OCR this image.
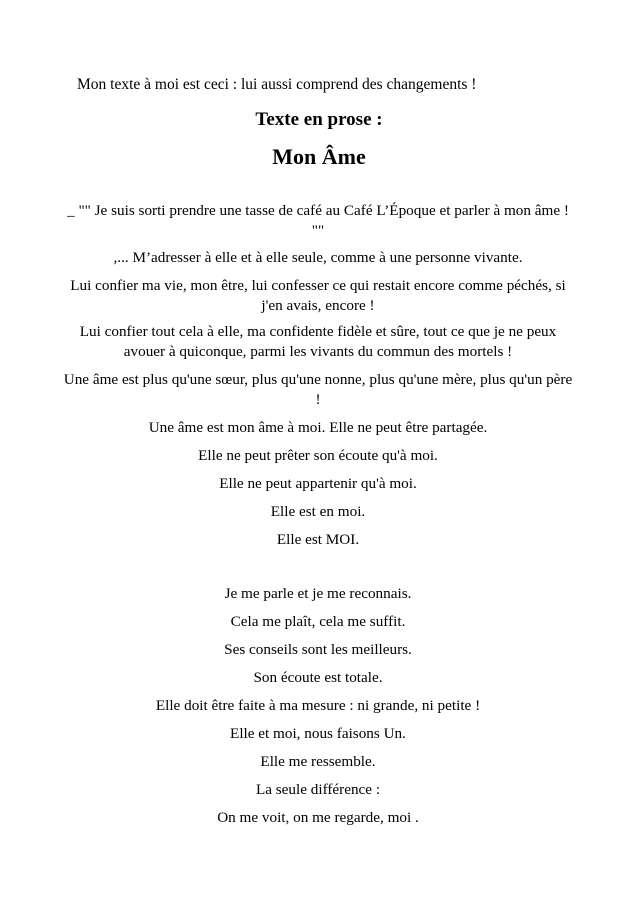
Mon texte à moi est ceci : lui aussi comprend des changements !
Texte en prose :
Mon Âme
_ "" Je suis sorti prendre une tasse de café au Café L’Époque et parler à mon âme ! ""
,... M’adresser à elle et à elle seule, comme à une personne vivante.
Lui confier ma vie, mon être, lui confesser ce qui restait encore comme péchés, si j'en avais, encore !
Lui confier tout cela à elle, ma confidente fidèle et sûre, tout ce que je ne peux avouer à quiconque, parmi les vivants du commun des mortels !
Une âme est plus qu'une sœur, plus qu'une nonne, plus qu'une mère, plus qu'un père !
Une âme est mon âme à moi. Elle ne peut être partagée.
Elle ne peut prêter son écoute qu'à moi.
Elle ne peut appartenir qu'à moi.
Elle est en moi.
Elle est MOI.
Je me parle et je me reconnais.
Cela me plaît, cela me suffit.
Ses conseils sont les meilleurs.
Son écoute est totale.
Elle doit être faite à ma mesure : ni grande, ni petite !
Elle et moi, nous faisons Un.
Elle me ressemble.
La seule différence :
On me voit, on me regarde, moi .
